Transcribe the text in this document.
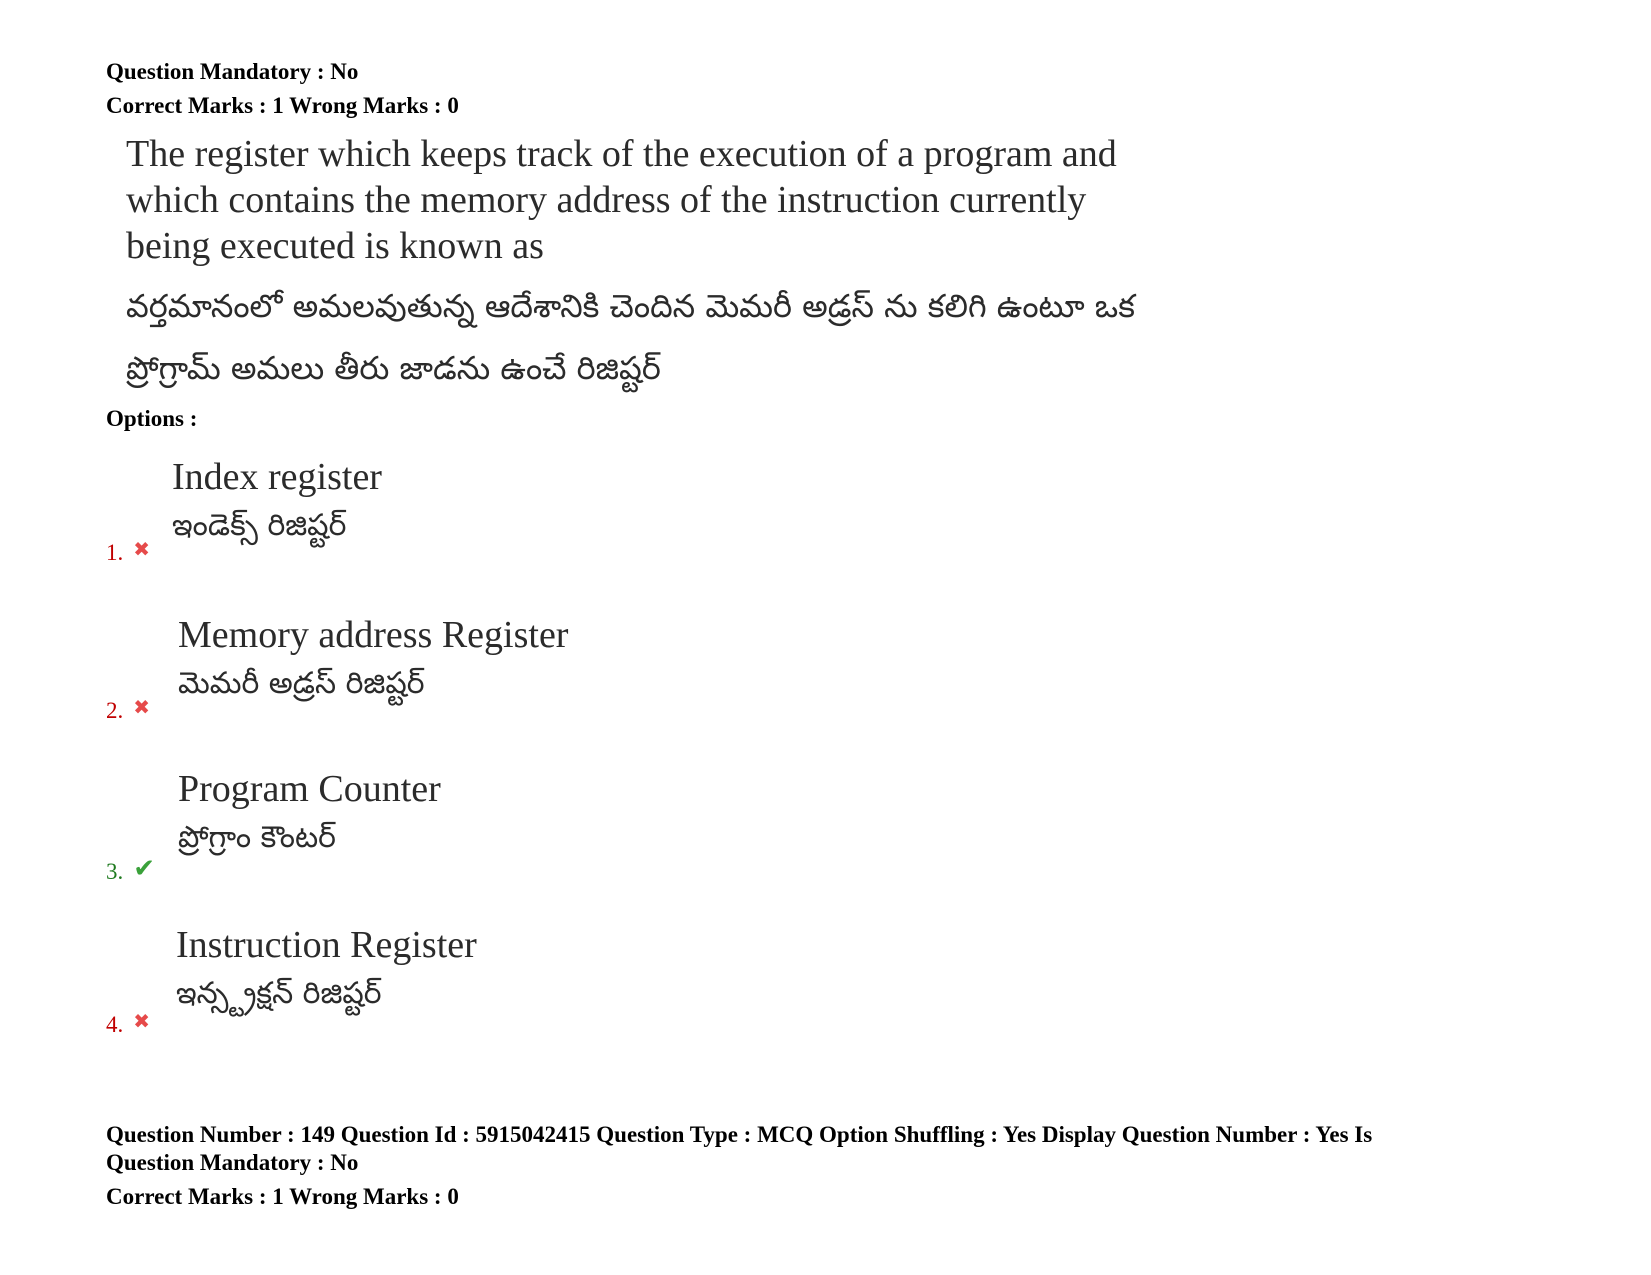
Question Mandatory : No
Correct Marks : 1 Wrong Marks : 0
The register which keeps track of the execution of a program and
which contains the memory address of the instruction currently
being executed is known as
వర్తమానంలో అమలవుతున్న ఆదేశానికి చెందిన మెమరీ అడ్రస్ ను కలిగి ఉంటూ ఒక
ప్రోగ్రామ్ అమలు తీరు జాడను ఉంచే రిజిష్టర్
Options :
1. ✖
Index register
ఇండెక్స్ రిజిష్టర్
2. ✖
Memory address Register
మెమరీ అడ్రస్ రిజిష్టర్
3. ✔
Program Counter
ప్రోగ్రాం కౌంటర్
4. ✖
Instruction Register
ఇన్స్ట్రక్షన్ రిజిష్టర్
Question Number : 149 Question Id : 5915042415 Question Type : MCQ Option Shuffling : Yes Display Question Number : Yes Is
Question Mandatory : No
Correct Marks : 1 Wrong Marks : 0
